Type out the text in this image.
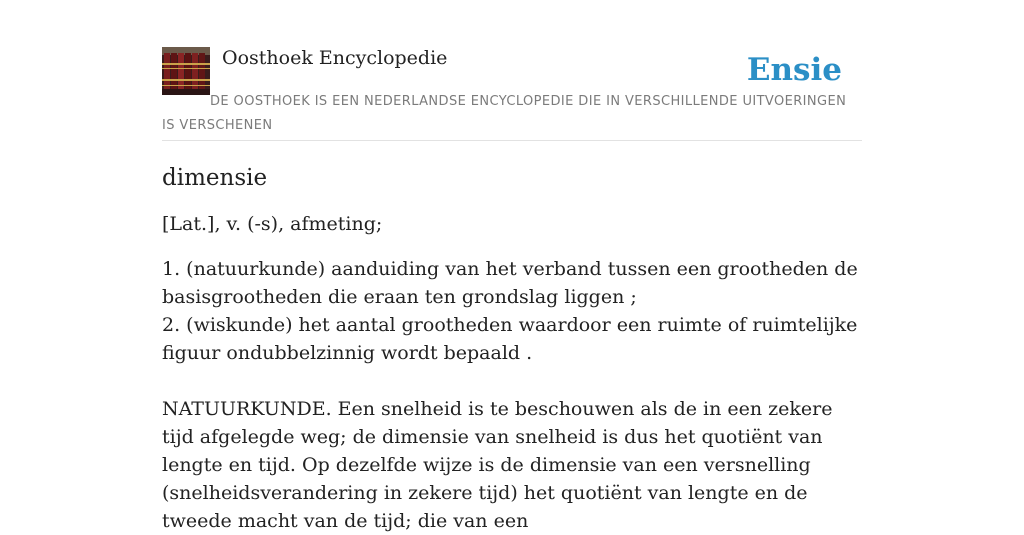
Oosthoek Encyclopedie	Ensie
DE OOSTHOEK IS EEN NEDERLANDSE ENCYCLOPEDIE DIE IN VERSCHILLENDE UITVOERINGEN IS VERSCHENEN
dimensie

[Lat.], v. (-s), afmeting;

1. (natuurkunde) aanduiding van het verband tussen een grootheden de basisgrootheden die eraan ten grondslag liggen ;
2. (wiskunde) het aantal grootheden waardoor een ruimte of ruimtelijke figuur ondubbelzinnig wordt bepaald .

NATUURKUNDE. Een snelheid is te beschouwen als de in een zekere tijd afgelegde weg; de dimensie van snelheid is dus het quotiënt van lengte en tijd. Op dezelfde wijze is de dimensie van een versnelling (snelheidsverandering in zekere tijd) het quotiënt van lengte en de tweede macht van de tijd; die van een
